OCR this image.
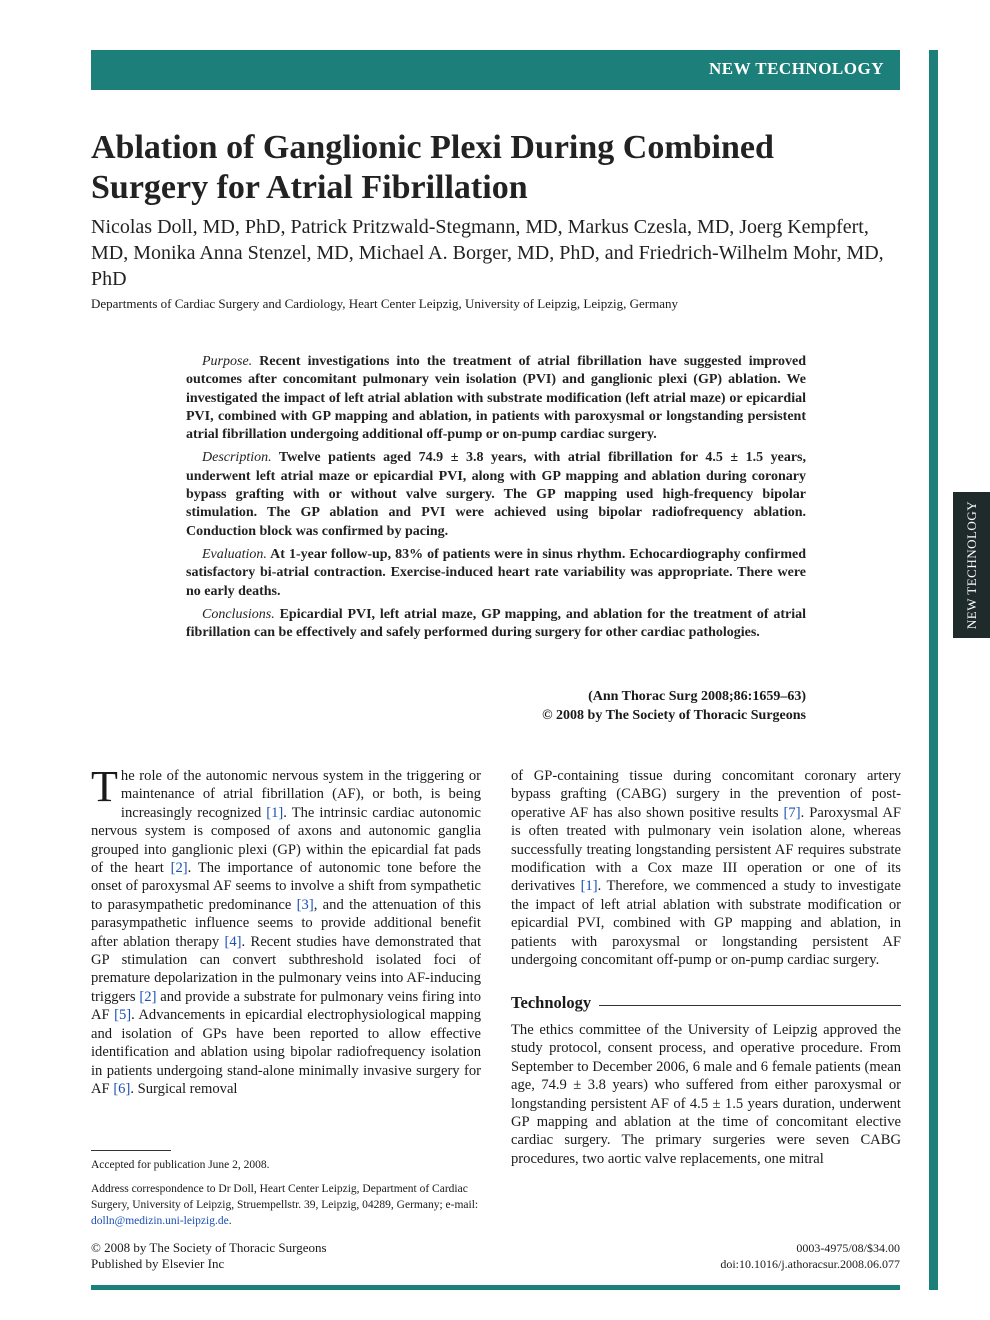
NEW TECHNOLOGY
NEW TECHNOLOGY
Ablation of Ganglionic Plexi During Combined Surgery for Atrial Fibrillation

Nicolas Doll, MD, PhD, Patrick Pritzwald-Stegmann, MD, Markus Czesla, MD, Joerg Kempfert, MD, Monika Anna Stenzel, MD, Michael A. Borger, MD, PhD, and Friedrich-Wilhelm Mohr, MD, PhD

Departments of Cardiac Surgery and Cardiology, Heart Center Leipzig, University of Leipzig, Leipzig, Germany

Purpose. Recent investigations into the treatment of atrial fibrillation have suggested improved outcomes after concomitant pulmonary vein isolation (PVI) and ganglionic plexi (GP) ablation. We investigated the impact of left atrial ablation with substrate modification (left atrial maze) or epicardial PVI, combined with GP mapping and ablation, in patients with paroxysmal or longstanding persistent atrial fibrillation undergoing additional off-pump or on-pump cardiac surgery.

Description. Twelve patients aged 74.9 ± 3.8 years, with atrial fibrillation for 4.5 ± 1.5 years, underwent left atrial maze or epicardial PVI, along with GP mapping and ablation during coronary bypass grafting with or without valve surgery. The GP mapping used high-frequency bipolar stimulation. The GP ablation and PVI were achieved using bipolar radiofrequency ablation. Conduction block was confirmed by pacing.

Evaluation. At 1-year follow-up, 83% of patients were in sinus rhythm. Echocardiography confirmed satisfactory bi-atrial contraction. Exercise-induced heart rate variability was appropriate. There were no early deaths.

Conclusions. Epicardial PVI, left atrial maze, GP mapping, and ablation for the treatment of atrial fibrillation can be effectively and safely performed during surgery for other cardiac pathologies.

(Ann Thorac Surg 2008;86:1659–63)
© 2008 by The Society of Thoracic Surgeons

The role of the autonomic nervous system in the triggering or maintenance of atrial fibrillation (AF), or both, is being increasingly recognized [1]. The intrinsic cardiac autonomic nervous system is composed of axons and autonomic ganglia grouped into ganglionic plexi (GP) within the epicardial fat pads of the heart [2]. The importance of autonomic tone before the onset of paroxysmal AF seems to involve a shift from sympathetic to parasympathetic predominance [3], and the attenuation of this parasympathetic influence seems to provide additional benefit after ablation therapy [4]. Recent studies have demonstrated that GP stimulation can convert subthreshold isolated foci of premature depolarization in the pulmonary veins into AF-inducing triggers [2] and provide a substrate for pulmonary veins firing into AF [5]. Advancements in epicardial electrophysiological mapping and isolation of GPs have been reported to allow effective identification and ablation using bipolar radiofrequency isolation in patients undergoing stand-alone minimally invasive surgery for AF [6]. Surgical removal

of GP-containing tissue during concomitant coronary artery bypass grafting (CABG) surgery in the prevention of post-operative AF has also shown positive results [7]. Paroxysmal AF is often treated with pulmonary vein isolation alone, whereas successfully treating longstanding persistent AF requires substrate modification with a Cox maze III operation or one of its derivatives [1]. Therefore, we commenced a study to investigate the impact of left atrial ablation with substrate modification or epicardial PVI, combined with GP mapping and ablation, in patients with paroxysmal or longstanding persistent AF undergoing concomitant off-pump or on-pump cardiac surgery.

Technology

The ethics committee of the University of Leipzig approved the study protocol, consent process, and operative procedure. From September to December 2006, 6 male and 6 female patients (mean age, 74.9 ± 3.8 years) who suffered from either paroxysmal or longstanding persistent AF of 4.5 ± 1.5 years duration, underwent GP mapping and ablation at the time of concomitant elective cardiac surgery. The primary surgeries were seven CABG procedures, two aortic valve replacements, one mitral

Accepted for publication June 2, 2008.

Address correspondence to Dr Doll, Heart Center Leipzig, Department of Cardiac Surgery, University of Leipzig, Struempellstr. 39, Leipzig, 04289, Germany; e-mail: dolln@medizin.uni-leipzig.de.

© 2008 by The Society of Thoracic Surgeons
Published by Elsevier Inc
0003-4975/08/$34.00
doi:10.1016/j.athoracsur.2008.06.077
